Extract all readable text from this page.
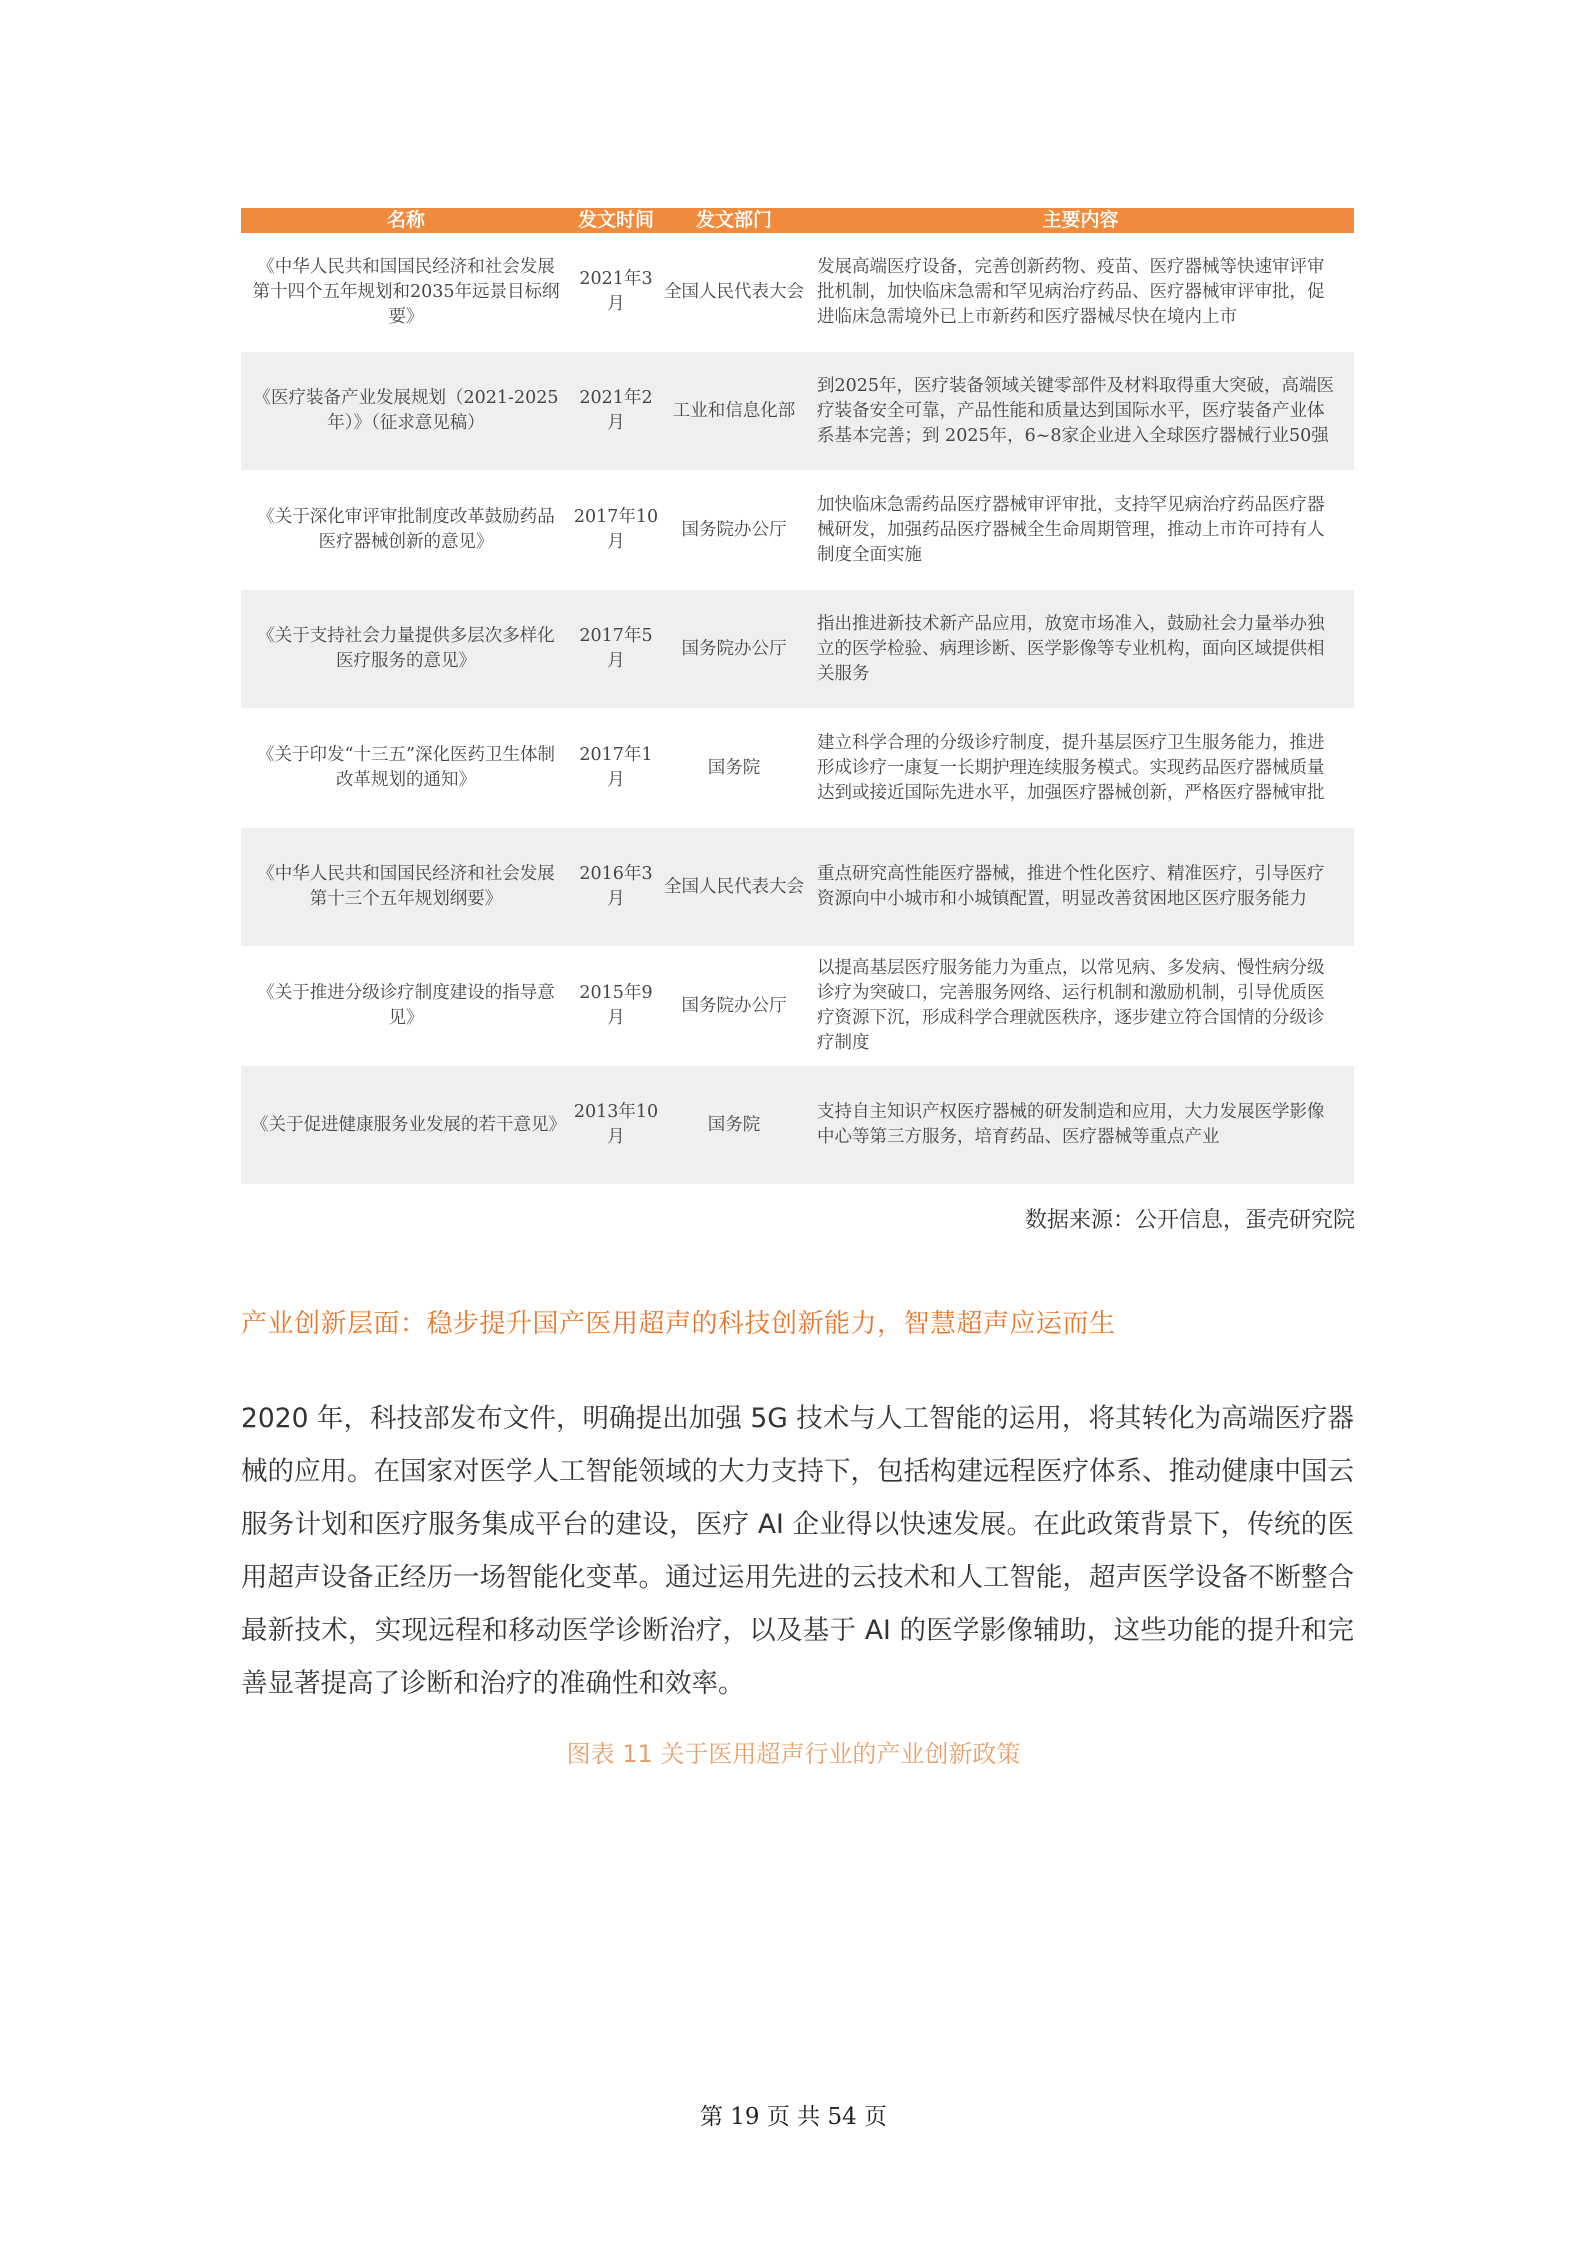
名称	发文时间	发文部门	主要内容
《中华人民共和国国民经济和社会发展第十四个五年规划和2035年远景目标纲要》	2021年3月	全国人民代表大会	发展高端医疗设备，完善创新药物、疫苗、医疗器械等快速审评审批机制，加快临床急需和罕见病治疗药品、医疗器械审评审批，促进临床急需境外已上市新药和医疗器械尽快在境内上市
《医疗装备产业发展规划（2021-2025年）》（征求意见稿）	2021年2月	工业和信息化部	到2025年，医疗装备领域关键零部件及材料取得重大突破，高端医疗装备安全可靠，产品性能和质量达到国际水平，医疗装备产业体系基本完善；到 2025年，6~8家企业进入全球医疗器械行业50强
《关于深化审评审批制度改革鼓励药品医疗器械创新的意见》	2017年10月	国务院办公厅	加快临床急需药品医疗器械审评审批，支持罕见病治疗药品医疗器械研发，加强药品医疗器械全生命周期管理，推动上市许可持有人制度全面实施
《关于支持社会力量提供多层次多样化医疗服务的意见》	2017年5月	国务院办公厅	指出推进新技术新产品应用，放宽市场准入，鼓励社会力量举办独立的医学检验、病理诊断、医学影像等专业机构，面向区域提供相关服务
《关于印发“十三五”深化医药卫生体制改革规划的通知》	2017年1月	国务院	建立科学合理的分级诊疗制度，提升基层医疗卫生服务能力，推进形成诊疗一康复一长期护理连续服务模式。实现药品医疗器械质量达到或接近国际先进水平，加强医疗器械创新，严格医疗器械审批
《中华人民共和国国民经济和社会发展第十三个五年规划纲要》	2016年3月	全国人民代表大会	重点研究高性能医疗器械，推进个性化医疗、精准医疗，引导医疗资源向中小城市和小城镇配置，明显改善贫困地区医疗服务能力
《关于推进分级诊疗制度建设的指导意见》	2015年9月	国务院办公厅	以提高基层医疗服务能力为重点，以常见病、多发病、慢性病分级诊疗为突破口，完善服务网络、运行机制和激励机制，引导优质医疗资源下沉，形成科学合理就医秩序，逐步建立符合国情的分级诊疗制度
《关于促进健康服务业发展的若干意见》	2013年10月	国务院	支持自主知识产权医疗器械的研发制造和应用，大力发展医学影像中心等第三方服务，培育药品、医疗器械等重点产业
数据来源：公开信息，蛋壳研究院
产业创新层面：稳步提升国产医用超声的科技创新能力，智慧超声应运而生

2020 年，科技部发布文件，明确提出加强 5G 技术与人工智能的运用，将其转化为高端医疗器械的应用。在国家对医学人工智能领域的大力支持下，包括构建远程医疗体系、推动健康中国云服务计划和医疗服务集成平台的建设，医疗 AI 企业得以快速发展。在此政策背景下，传统的医用超声设备正经历一场智能化变革。通过运用先进的云技术和人工智能，超声医学设备不断整合最新技术，实现远程和移动医学诊断治疗，以及基于 AI 的医学影像辅助，这些功能的提升和完善显著提高了诊断和治疗的准确性和效率。

图表 11 关于医用超声行业的产业创新政策
第 19 页 共 54 页
